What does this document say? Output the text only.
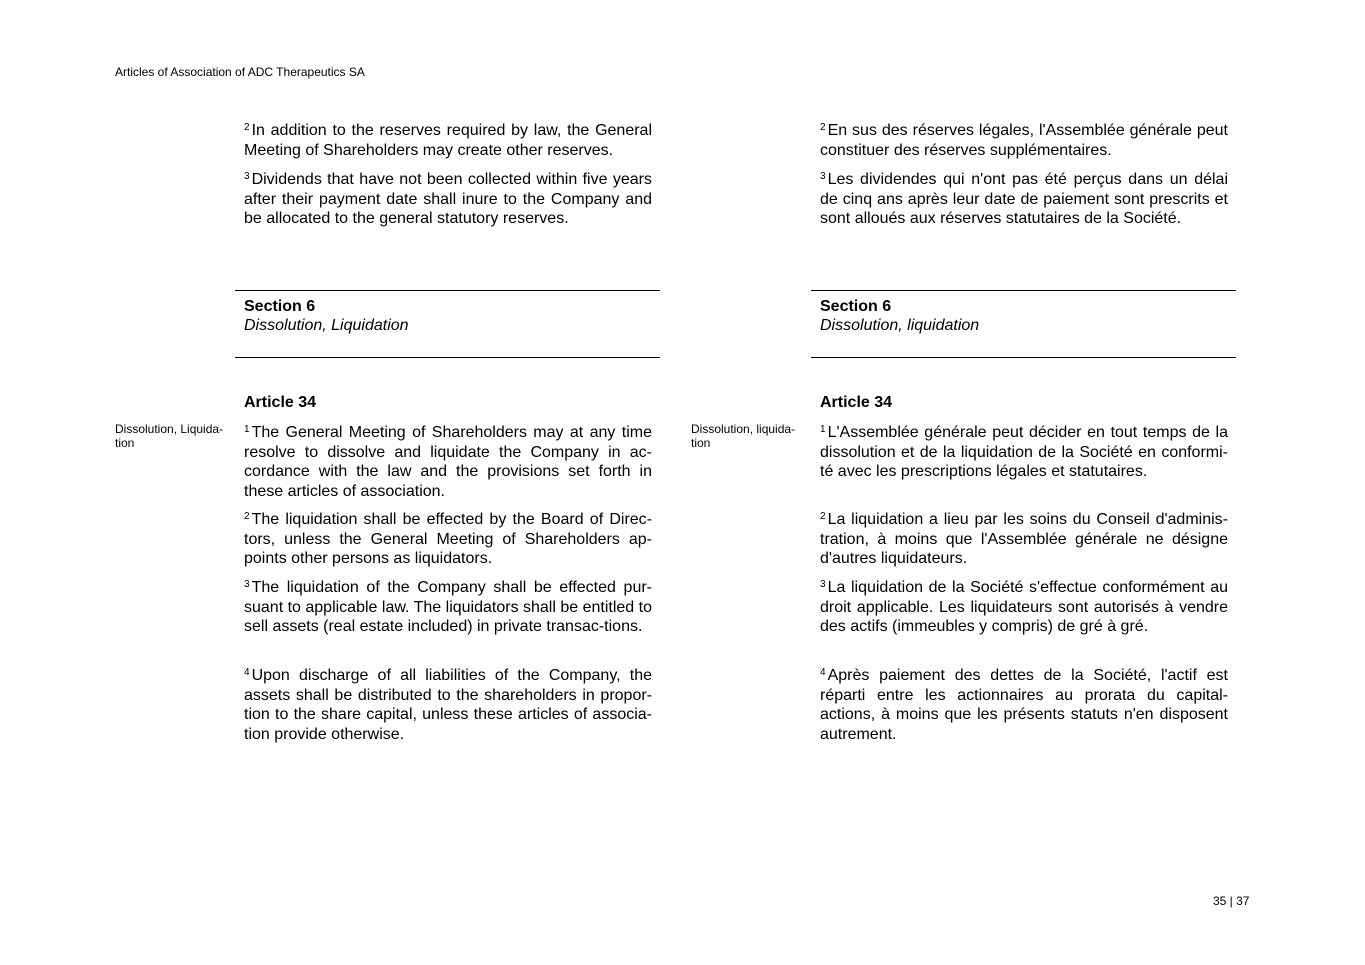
Articles of Association of ADC Therapeutics SA

$^2$ In addition to the reserves required by law, the General Meeting of Shareholders may create other reserves.

$^3$ Dividends that have not been collected within five years after their payment date shall inure to the Company and be allocated to the general statutory reserves.

Section 6
Dissolution, Liquidation
Article 34
Dissolution, Liquida-tion

$^1$ The General Meeting of Shareholders may at any time resolve to dissolve and liquidate the Company in ac-cordance with the law and the provisions set forth in these articles of association.

$^2$ The liquidation shall be effected by the Board of Direc-tors, unless the General Meeting of Shareholders ap-points other persons as liquidators.

$^3$ The liquidation of the Company shall be effected pur-suant to applicable law. The liquidators shall be entitled to sell assets (real estate included) in private transac-tions.

$^4$ Upon discharge of all liabilities of the Company, the assets shall be distributed to the shareholders in propor-tion to the share capital, unless these articles of associa-tion provide otherwise.

$^2$ En sus des réserves légales, l'Assemblée générale peut constituer des réserves supplémentaires.

$^3$ Les dividendes qui n'ont pas été perçus dans un délai de cinq ans après leur date de paiement sont prescrits et sont alloués aux réserves statutaires de la Société.

Section 6
Dissolution, liquidation
Article 34
Dissolution, liquida-tion

$^1$ L'Assemblée générale peut décider en tout temps de la dissolution et de la liquidation de la Société en conformi-té avec les prescriptions légales et statutaires.

$^2$ La liquidation a lieu par les soins du Conseil d'adminis-tration, à moins que l'Assemblée générale ne désigne d'autres liquidateurs.

$^3$ La liquidation de la Société s'effectue conformément au droit applicable. Les liquidateurs sont autorisés à vendre des actifs (immeubles y compris) de gré à gré.

$^4$ Après paiement des dettes de la Société, l'actif est réparti entre les actionnaires au prorata du capital-actions, à moins que les présents statuts n'en disposent autrement.

35 | 37
